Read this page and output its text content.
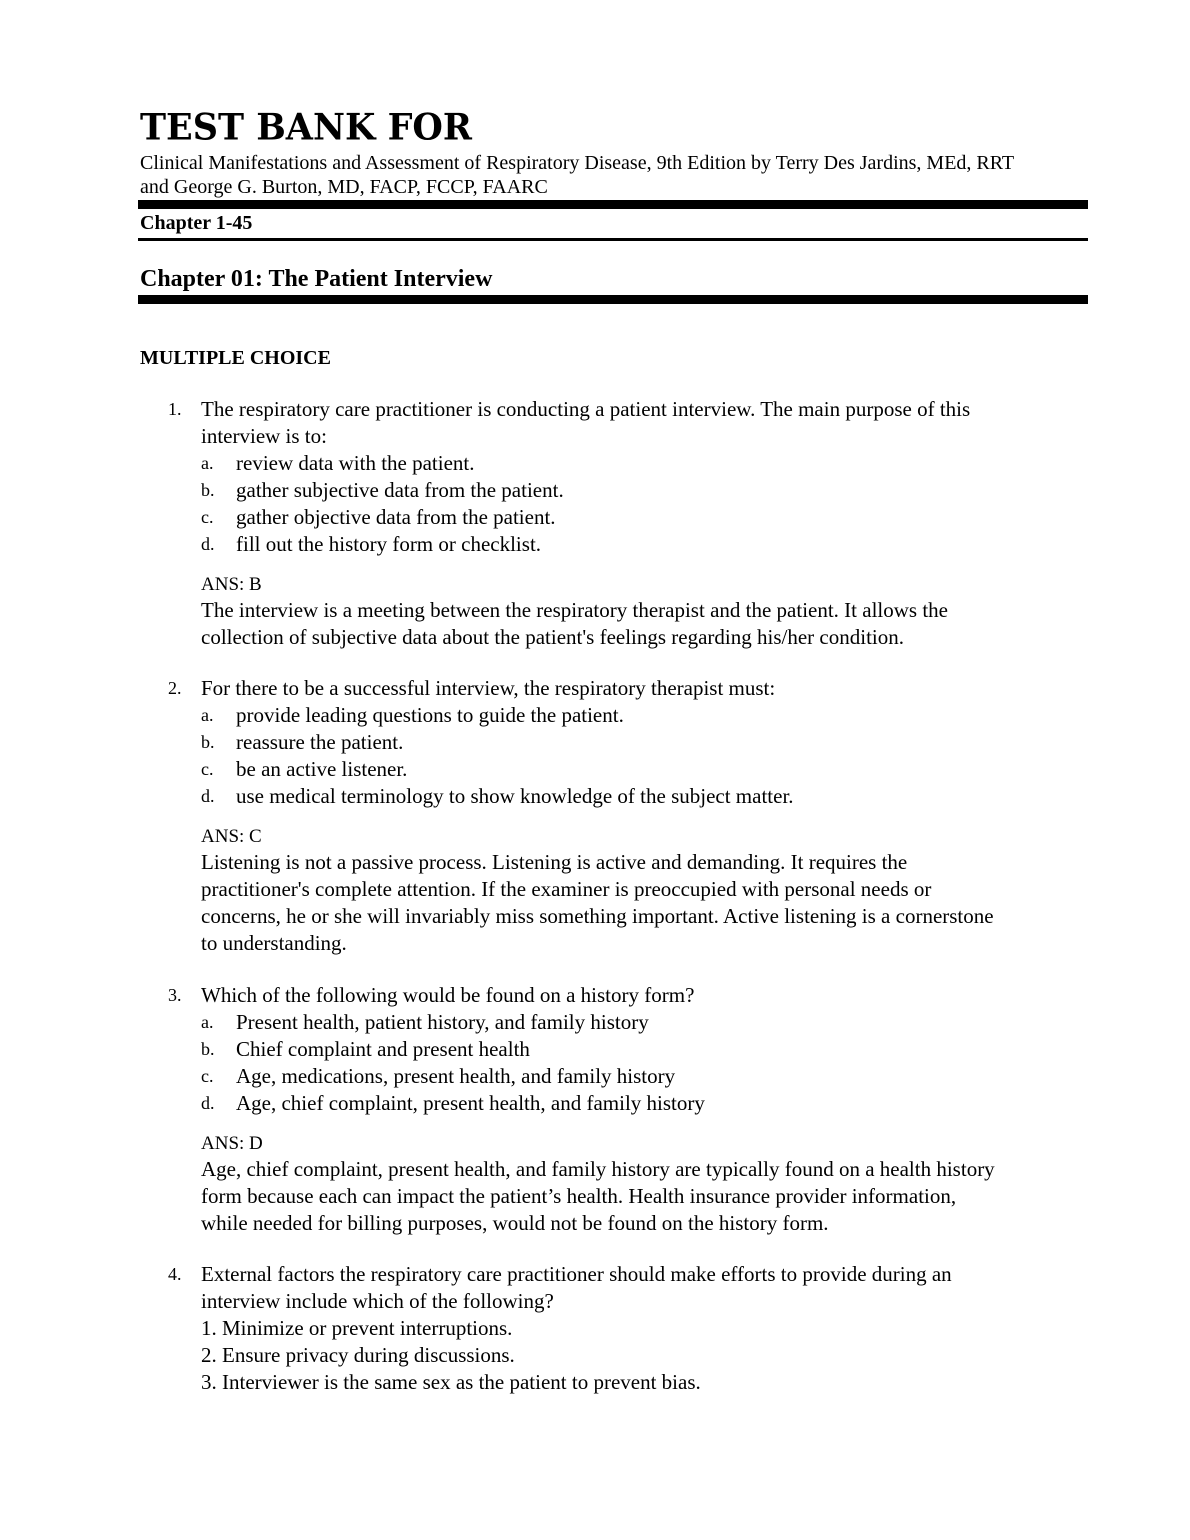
TEST BANK FOR
Clinical Manifestations and Assessment of Respiratory Disease, 9th Edition by Terry Des Jardins, MEd, RRT
and George G. Burton, MD, FACP, FCCP, FAARC
Chapter 1-45
Chapter 01: The Patient Interview
MULTIPLE CHOICE
1. The respiratory care practitioner is conducting a patient interview. The main purpose of this
interview is to:
a. review data with the patient.
b. gather subjective data from the patient.
c. gather objective data from the patient.
d. fill out the history form or checklist.
ANS: B
The interview is a meeting between the respiratory therapist and the patient. It allows the
collection of subjective data about the patient's feelings regarding his/her condition.
2. For there to be a successful interview, the respiratory therapist must:
a. provide leading questions to guide the patient.
b. reassure the patient.
c. be an active listener.
d. use medical terminology to show knowledge of the subject matter.
ANS: C
Listening is not a passive process. Listening is active and demanding. It requires the
practitioner's complete attention. If the examiner is preoccupied with personal needs or
concerns, he or she will invariably miss something important. Active listening is a cornerstone
to understanding.
3. Which of the following would be found on a history form?
a. Present health, patient history, and family history
b. Chief complaint and present health
c. Age, medications, present health, and family history
d. Age, chief complaint, present health, and family history
ANS: D
Age, chief complaint, present health, and family history are typically found on a health history
form because each can impact the patient’s health. Health insurance provider information,
while needed for billing purposes, would not be found on the history form.
4. External factors the respiratory care practitioner should make efforts to provide during an
interview include which of the following?
1. Minimize or prevent interruptions.
2. Ensure privacy during discussions.
3. Interviewer is the same sex as the patient to prevent bias.
